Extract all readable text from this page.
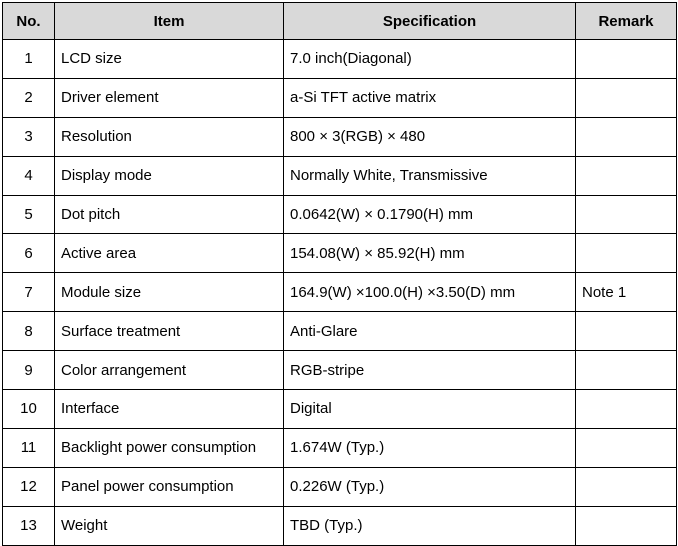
No.	Item	Specification	Remark
1	LCD size	7.0 inch(Diagonal)	
2	Driver element	a-Si TFT active matrix	
3	Resolution	800 × 3(RGB) × 480	
4	Display mode	Normally White, Transmissive	
5	Dot pitch	0.0642(W) × 0.1790(H) mm	
6	Active area	154.08(W) × 85.92(H) mm	
7	Module size	164.9(W) ×100.0(H) ×3.50(D) mm	Note 1
8	Surface treatment	Anti-Glare	
9	Color arrangement	RGB-stripe	
10	Interface	Digital	
11	Backlight power consumption	1.674W (Typ.)	
12	Panel power consumption	0.226W (Typ.)	
13	Weight	TBD (Typ.)	
